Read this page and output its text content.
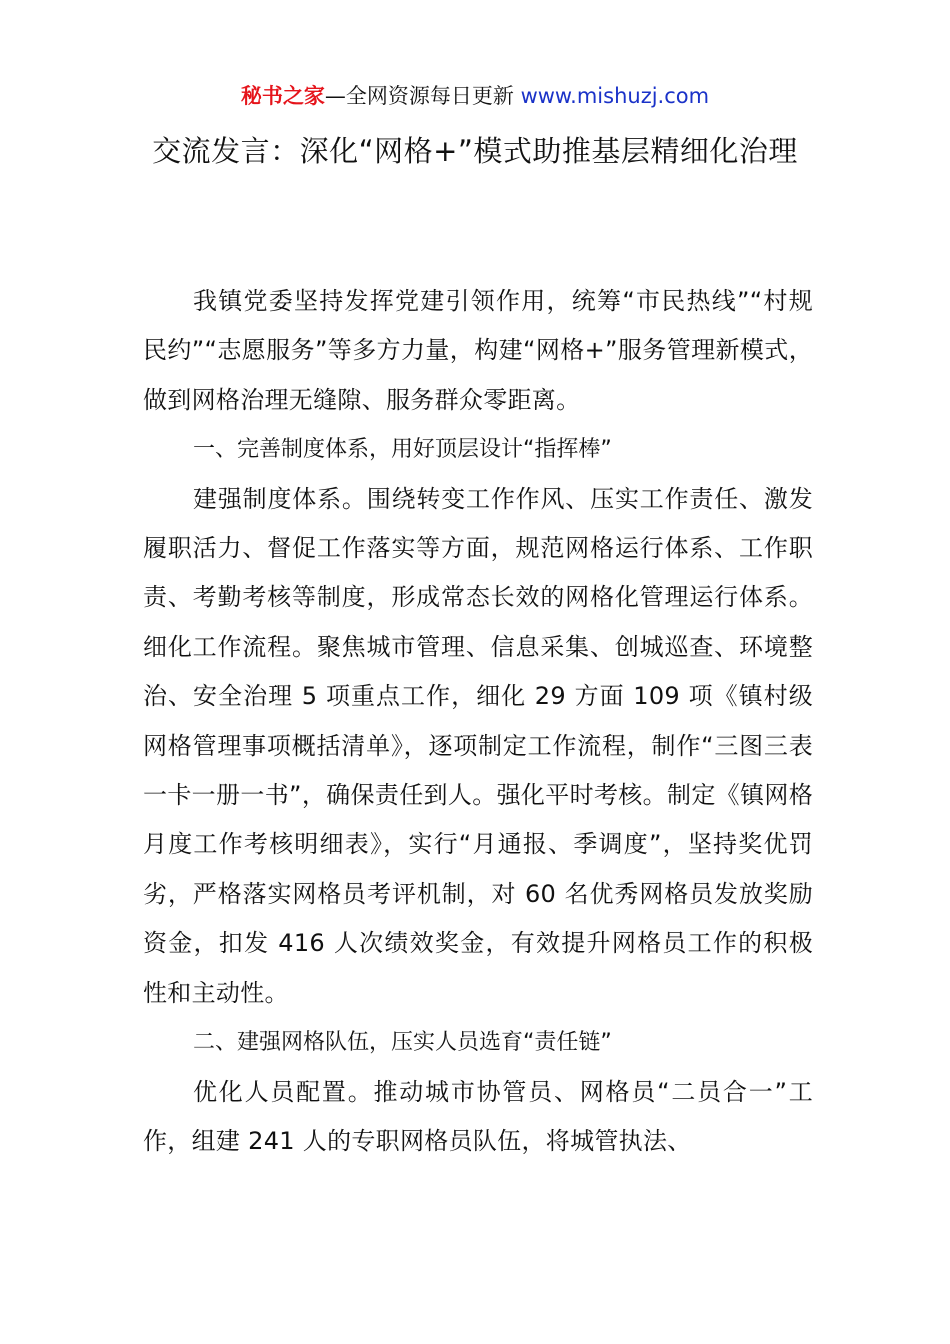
秘书之家—全网资源每日更新 www.mishuzj.com
交流发言：深化“网格+”模式助推基层精细化治理

我镇党委坚持发挥党建引领作用，统筹“市民热线”“村规民约”“志愿服务”等多方力量，构建“网格+”服务管理新模式，做到网格治理无缝隙、服务群众零距离。

一、完善制度体系，用好顶层设计“指挥棒”

建强制度体系。围绕转变工作作风、压实工作责任、激发履职活力、督促工作落实等方面，规范网格运行体系、工作职责、考勤考核等制度，形成常态长效的网格化管理运行体系。细化工作流程。聚焦城市管理、信息采集、创城巡查、环境整治、安全治理 5 项重点工作，细化 29 方面 109 项《镇村级网格管理事项概括清单》，逐项制定工作流程，制作“三图三表一卡一册一书”，确保责任到人。强化平时考核。制定《镇网格月度工作考核明细表》，实行“月通报、季调度”，坚持奖优罚劣，严格落实网格员考评机制，对 60 名优秀网格员发放奖励资金，扣发 416 人次绩效奖金，有效提升网格员工作的积极性和主动性。

二、建强网格队伍，压实人员选育“责任链”

优化人员配置。推动城市协管员、网格员“二员合一”工作，组建 241 人的专职网格员队伍，将城管执法、
